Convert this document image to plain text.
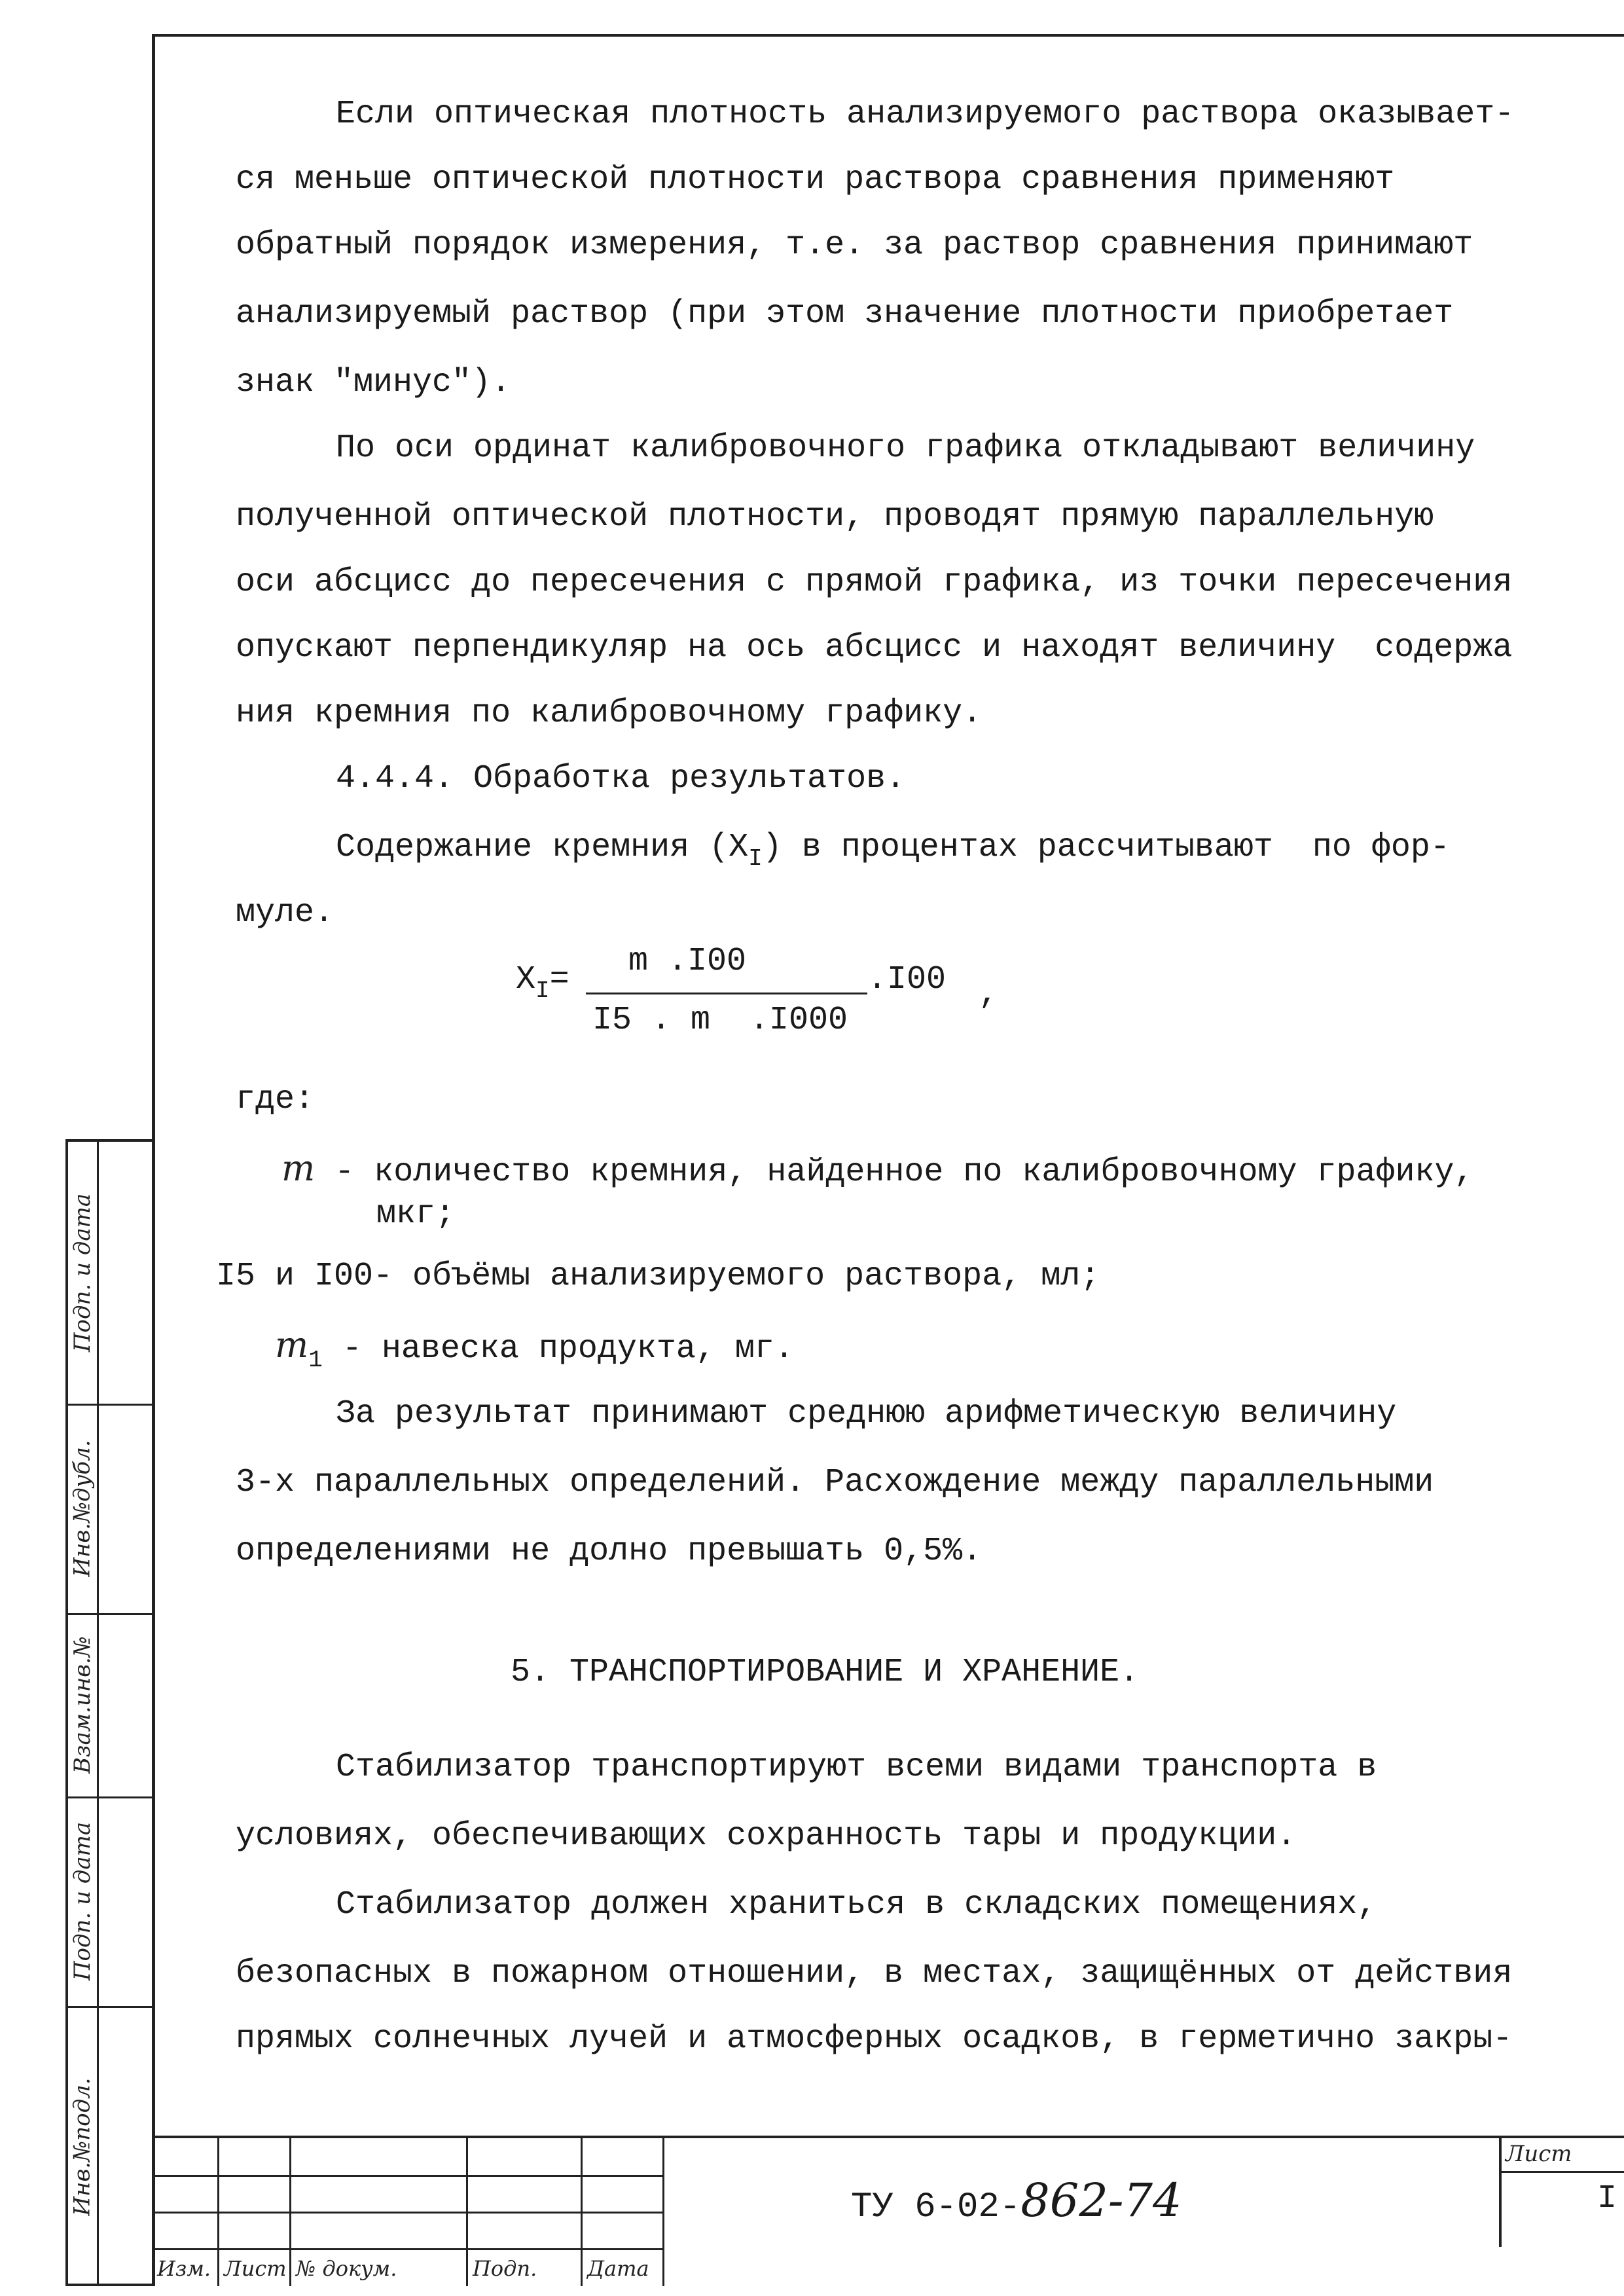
Если оптическая плотность анализируемого раствора оказывает-
ся меньше оптической плотности раствора сравнения применяют
обратный порядок измерения, т.е. за раствор сравнения принимают
анализируемый раствор (при этом значение плотности приобретает
знак "минус").
По оси ординат калибровочного графика откладывают величину
полученной оптической плотности, проводят прямую параллельную
оси абсцисс до пересечения с прямой графика, из точки пересечения
опускают перпендикуляр на ось абсцисс и находят величину  содержа
ния кремния по калибровочному графику.
4.4.4. Обработка результатов.
Содержание кремния $(X_I)$ в процентах рассчитывают  по фор-
муле.
$X_I= m$ .I00	.I00
I5 . m  .I000
,
где:
m - количество кремния, найденное по калибровочному графику,
мкг;
I5 и I00- объёмы анализируемого раствора, мл;
$m_1$ - навеска продукта, мг.
За результат принимают среднюю арифметическую величину
3-х параллельных определений. Расхождение между параллельными
определениями не долно превышать 0,5%.
5. ТРАНСПОРТИРОВАНИЕ И ХРАНЕНИЕ.
Стабилизатор транспортируют всеми видами транспорта в
условиях, обеспечивающих сохранность тары и продукции.
Стабилизатор должен храниться в складских помещениях,
безопасных в пожарном отношении, в местах, защищённых от действия
прямых солнечных лучей и атмосферных осадков, в герметично закры-
Подп. и дата
Инв.№дубл.
Взам.инв.№
Подп. и дата
Инв.№подл.
Изм. Лист № докум.	Подп. Дата
ТУ 6-02-862-74
Лист
I
